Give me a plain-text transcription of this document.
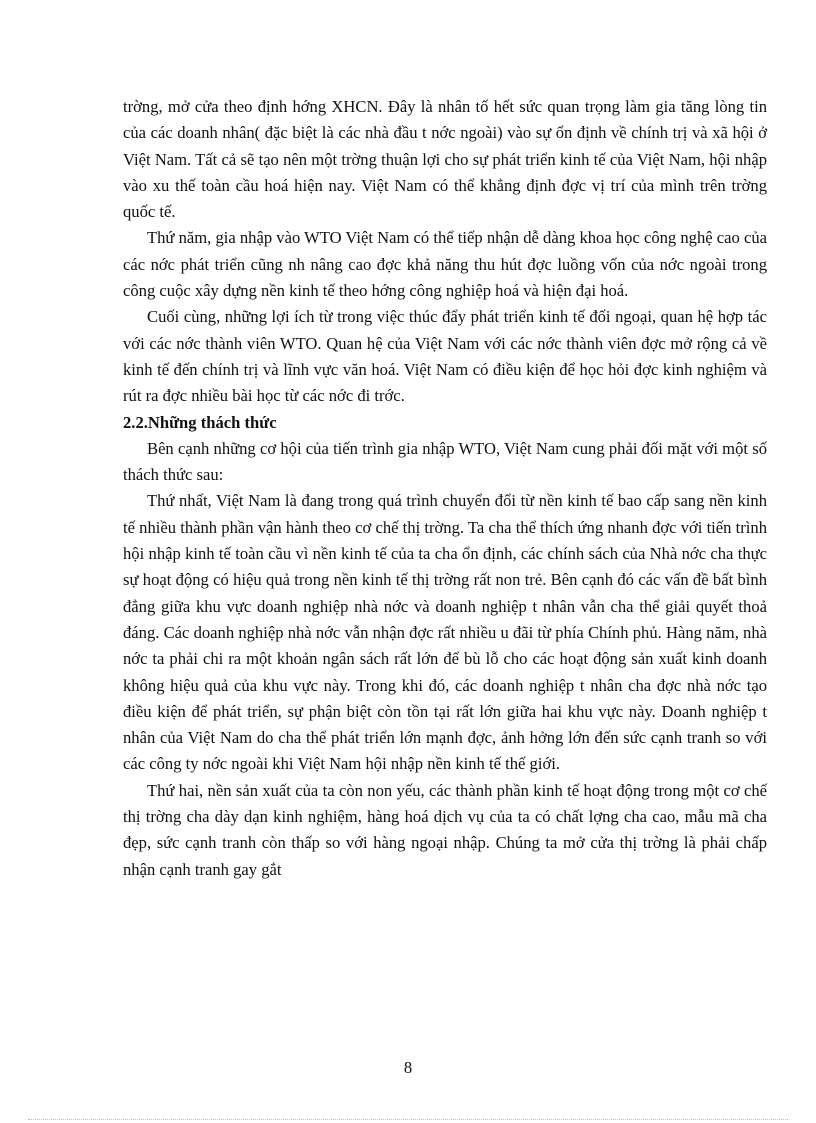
trờng, mở cửa theo định hớng XHCN. Đây là nhân tố hết sức quan trọng làm gia tăng lòng tin của các doanh nhân( đặc biệt là các nhà đầu t nớc ngoài) vào sự ổn định về chính trị và xã hội ở Việt Nam. Tất cả sẽ tạo nên một trờng thuận lợi cho sự phát triển kinh tế của Việt Nam, hội nhập vào xu thế toàn cầu hoá hiện nay. Việt Nam có thể khẳng định đợc vị trí của mình trên trờng quốc tế.

Thứ năm, gia nhập vào WTO Việt Nam có thể tiếp nhận dễ dàng khoa học công nghệ cao của các nớc phát triển cũng nh nâng cao đợc khả năng thu hút đợc luồng vốn của nớc ngoài trong công cuộc xây dựng nền kinh tế theo hớng công nghiệp hoá và hiện đại hoá.

Cuối cùng, những lợi ích từ trong việc thúc đẩy phát triển kinh tế đối ngoại, quan hệ hợp tác với các nớc thành viên WTO. Quan hệ của Việt Nam với các nớc thành viên đợc mở rộng cả về kinh tế đến chính trị và lĩnh vực văn hoá. Việt Nam có điều kiện để học hỏi đợc kinh nghiệm và rút ra đợc nhiều bài học từ các nớc đi trớc.

2.2.Những thách thức

Bên cạnh những cơ hội của tiến trình gia nhập WTO, Việt Nam cung phải đối mặt với một số thách thức sau:

Thứ nhất, Việt Nam là đang trong quá trình chuyển đổi từ nền kinh tế bao cấp sang nền kinh tế nhiều thành phần vận hành theo cơ chế thị trờng. Ta cha thể thích ứng nhanh đợc với tiến trình hội nhập kinh tế toàn cầu vì nền kinh tế của ta cha ổn định, các chính sách của Nhà nớc cha thực sự hoạt động có hiệu quả trong nền kinh tế thị trờng rất non trẻ. Bên cạnh đó các vấn đề bất bình đẳng giữa khu vực doanh nghiệp nhà nớc và doanh nghiệp t nhân vẫn cha thể giải quyết thoả đáng. Các doanh nghiệp nhà nớc vẫn nhận đợc rất nhiều u đãi từ phía Chính phủ. Hàng năm, nhà nớc ta phải chi ra một khoản ngân sách rất lớn để bù lỗ cho các hoạt động sản xuất kinh doanh không hiệu quả của khu vực này. Trong khi đó, các doanh nghiệp t nhân cha đợc nhà nớc tạo điều kiện để phát triển, sự phận biệt còn tồn tại rất lớn giữa hai khu vực này. Doanh nghiệp t nhân của Việt Nam do cha thể phát triển lớn mạnh đợc, ảnh hởng lớn đến sức cạnh tranh so với các công ty nớc ngoài khi Việt Nam hội nhập nền kinh tế thế giới.

Thứ hai, nền sản xuất của ta còn non yếu, các thành phần kinh tế hoạt động trong một cơ chế thị trờng cha dày dạn kinh nghiệm, hàng hoá dịch vụ của ta có chất lợng cha cao, mẫu mã cha đẹp, sức cạnh tranh còn thấp so với hàng ngoại nhập. Chúng ta mở cửa thị trờng là phải chấp nhận cạnh tranh gay gắt

8
